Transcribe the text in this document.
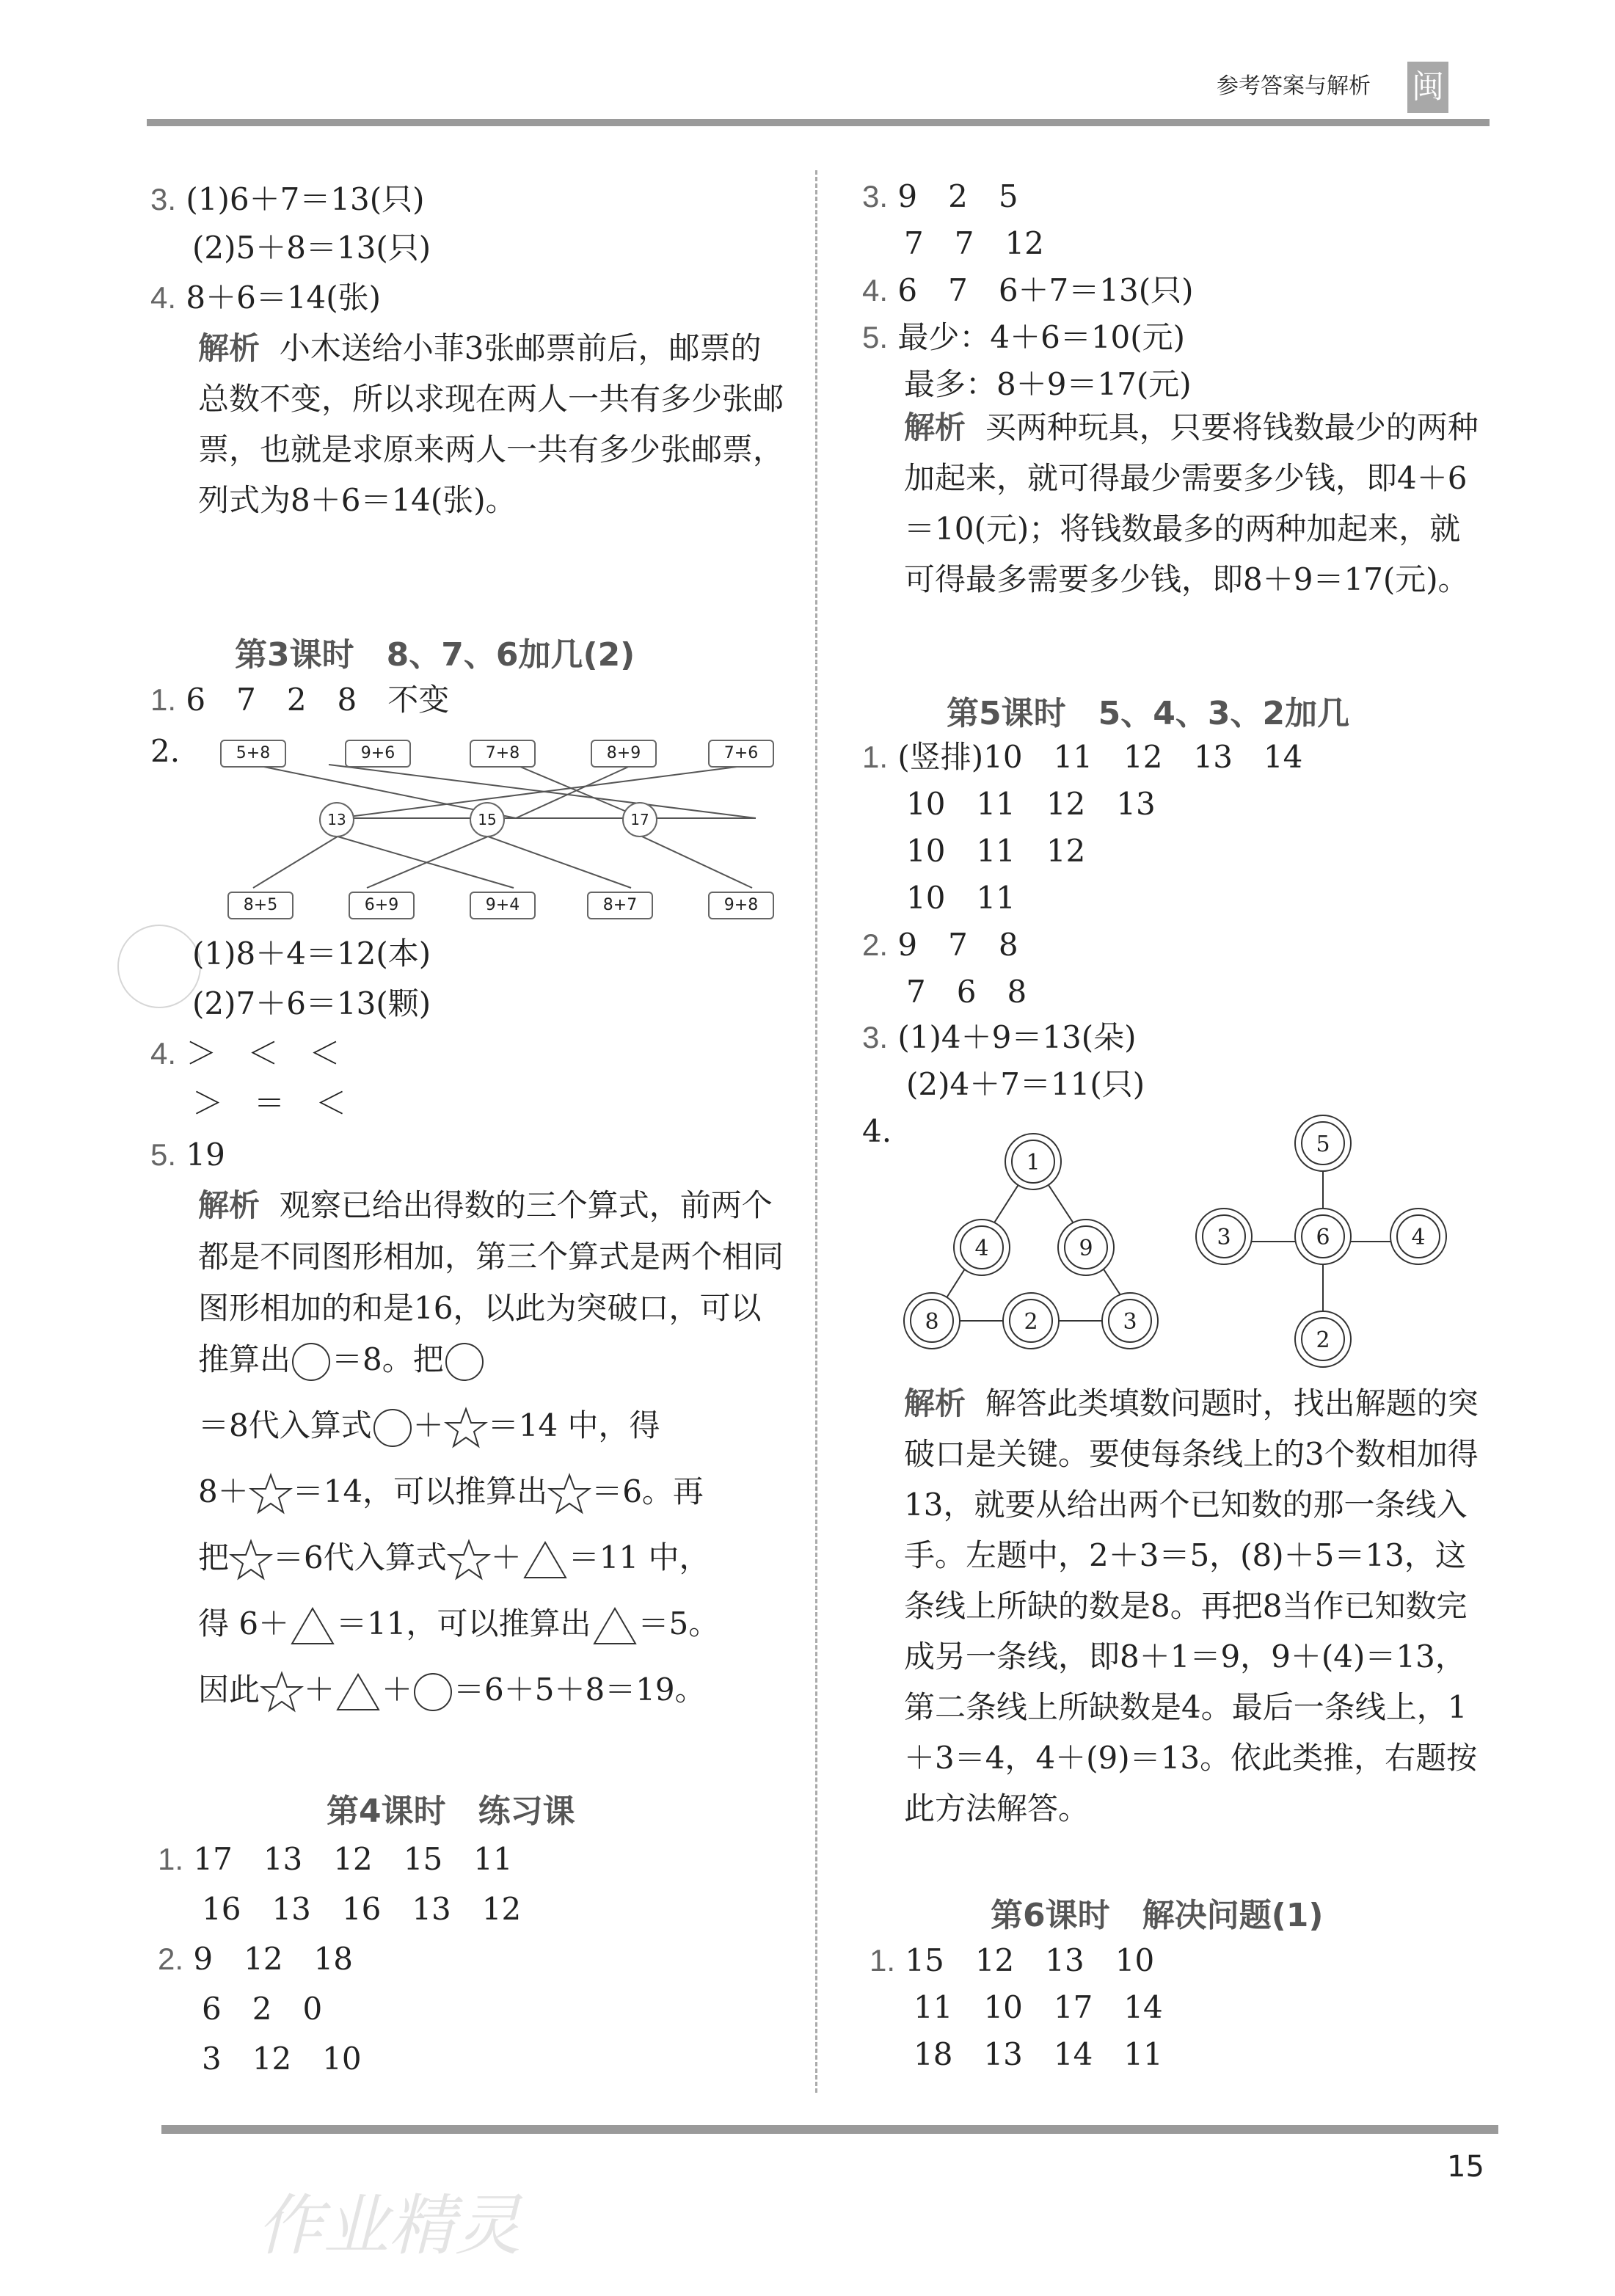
参考答案与解析 闽
3. (1)6＋7＝13(只)
(2)5＋8＝13(只)
4. 8＋6＝14(张)
解析 小木送给小菲3张邮票前后，邮票的总数不变，所以求现在两人一共有多少张邮票，也就是求原来两人一共有多少张邮票，列式为8＋6＝14(张)。
第3课时　8、7、6加几(2)
1. 6　7　2　8　不变
2.	5+8	9+6	7+8	8+9	7+6
13	15	17
8+5	6+9	9+4	8+7	9+8
(1)8＋4＝12(本)
(2)7＋6＝13(颗)
4. ＞　＜　＜
＞　＝　＜
5. 19
解析 观察已给出得数的三个算式，前两个都是不同图形相加，第三个算式是两个相同图形相加的和是16，以此为突破口，可以推算出 ＝8。把
＝8代入算式 ＋ ＝14 中，得
8＋ ＝14，可以推算出 ＝6。再
把 ＝6代入算式 ＋ ＝11 中，
得 6＋ ＝11，可以推算出 ＝5。
因此 ＋ ＋ ＝6＋5＋8＝19。
第4课时　练习课
1. 17　13　12　15　11
16　13　16　13　12
2. 9　12　18
6　2　0
3　12　10
3. 9　2　5
7　7　12
4. 6　7　6＋7＝13(只)
5. 最少：4＋6＝10(元)
最多：8＋9＝17(元)
解析 买两种玩具，只要将钱数最少的两种加起来，就可得最少需要多少钱，即4＋6＝10(元)；将钱数最多的两种加起来，就可得最多需要多少钱，即8＋9＝17(元)。
第5课时　5、4、3、2加几
1. (竖排)10　11　12　13　14
10　11　12　13
10　11　12
10　11
2. 9　7　8
7　6　8
3. (1)4＋9＝13(朵)
(2)4＋7＝11(只)
4.
1
4	9
8	2	3
5
3	6	4
2
解析 解答此类填数问题时，找出解题的突破口是关键。要使每条线上的3个数相加得13，就要从给出两个已知数的那一条线入手。左题中，2＋3＝5，(8)＋5＝13，这条线上所缺的数是8。再把8当作已知数完成另一条线，即8＋1＝9，9＋(4)＝13，第二条线上所缺数是4。最后一条线上，1＋3＝4，4＋(9)＝13。依此类推，右题按此方法解答。
第6课时　解决问题(1)
1. 15　12　13　10
11　10　17　14
18　13　14　11
15
作业精灵
